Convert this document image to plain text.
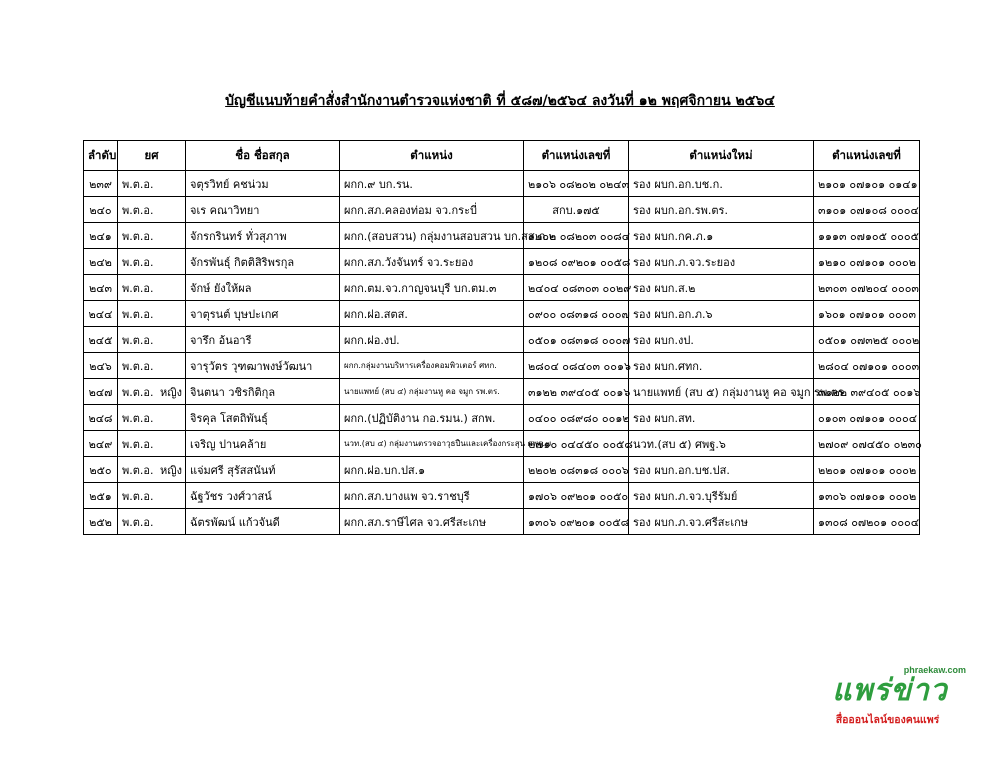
บัญชีแนบท้ายคำสั่งสำนักงานตำรวจแห่งชาติ ที่ ๕๘๗/๒๕๖๔ ลงวันที่ ๑๒ พฤศจิกายน ๒๕๖๔
ลำดับ	ยศ	ชื่อ ชื่อสกุล	ตำแหน่ง	ตำแหน่งเลขที่	ตำแหน่งใหม่	ตำแหน่งเลขที่
๒๓๙	พ.ต.อ.	จตุรวิทย์ คชน่วม	ผกก.๙ บก.รน.	๒๑๐๖ ๐๘๒๐๒ ๐๒๔๓	รอง ผบก.อก.บช.ก.	๒๑๐๑ ๐๗๑๐๑ ๐๑๔๑
๒๔๐	พ.ต.อ.	จเร คณาวิทยา	ผกก.สภ.คลองท่อม จว.กระบี่	สกบ.๑๗๕	รอง ผบก.อก.รพ.ตร.	๓๑๐๑ ๐๗๑๐๘ ๐๐๐๔
๒๔๑	พ.ต.อ.	จักรกรินทร์ ทั่วสุภาพ	ผกก.(สอบสวน) กลุ่มงานสอบสวน บก.สส.ภ.๒	๑๒๐๒ ๐๘๒๐๓ ๐๐๘๔	รอง ผบก.กค.ภ.๑	๑๑๑๓ ๐๗๑๐๕ ๐๐๐๕
๒๔๒	พ.ต.อ.	จักรพันธุ์ กิตติสิริพรกุล	ผกก.สภ.วังจันทร์ จว.ระยอง	๑๒๐๘ ๐๙๒๐๑ ๐๐๕๘	รอง ผบก.ภ.จว.ระยอง	๑๒๑๐ ๐๗๑๐๑ ๐๐๐๒
๒๔๓	พ.ต.อ.	จักษ์ ยังให้ผล	ผกก.ตม.จว.กาญจนบุรี บก.ตม.๓	๒๔๐๔ ๐๘๓๐๓ ๐๐๒๙	รอง ผบก.ส.๒	๒๓๐๓ ๐๗๒๐๔ ๐๐๐๓
๒๔๔	พ.ต.อ.	จาตุรนต์ บุษปะเกศ	ผกก.ฝอ.สตส.	๐๙๐๐ ๐๘๓๑๘ ๐๐๐๗	รอง ผบก.อก.ภ.๖	๑๖๐๑ ๐๗๑๐๑ ๐๐๐๓
๒๔๕	พ.ต.อ.	จารึก อ้นอารี	ผกก.ฝอ.งป.	๐๕๐๑ ๐๘๓๑๘ ๐๐๐๗	รอง ผบก.งป.	๐๕๐๑ ๐๗๓๒๕ ๐๐๐๒
๒๔๖	พ.ต.อ.	จารุวัตร วุฑฒาพงษ์วัฒนา	ผกก.กลุ่มงานบริหารเครื่องคอมพิวเตอร์ ศทก.	๒๘๐๔ ๐๘๔๐๓ ๐๐๑๖	รอง ผบก.ศทก.	๒๘๐๔ ๐๗๑๐๑ ๐๐๐๓
๒๔๗	พ.ต.อ. หญิง	จินตนา วชิรกิติกุล	นายแพทย์ (สบ ๔) กลุ่มงานหู คอ จมูก รพ.ตร.	๓๑๒๒ ๓๙๔๐๕ ๐๐๑๖	นายแพทย์ (สบ ๕) กลุ่มงานหู คอ จมูก รพ.ตร.	๓๑๒๒ ๓๙๔๐๕ ๐๐๑๖
๒๔๘	พ.ต.อ.	จิรคุล โสตถิพันธุ์	ผกก.(ปฏิบัติงาน กอ.รมน.) สกพ.	๐๔๐๐ ๐๘๙๘๐ ๐๐๑๒	รอง ผบก.สท.	๐๑๐๓ ๐๗๑๐๑ ๐๐๐๔
๒๔๙	พ.ต.อ.	เจริญ ปานคล้าย	นวท.(สบ ๔) กลุ่มงานตรวจอาวุธปืนและเครื่องกระสุน ศพฐ.๗	๒๗๑๐ ๐๔๔๕๐ ๐๐๕๘	นวท.(สบ ๕) ศพฐ.๖	๒๗๐๙ ๐๗๔๕๐ ๐๒๓๐
๒๕๐	พ.ต.อ. หญิง	แจ่มศรี สุรัสสนันท์	ผกก.ฝอ.บก.ปส.๑	๒๒๐๒ ๐๘๓๑๘ ๐๐๐๖	รอง ผบก.อก.บช.ปส.	๒๒๐๑ ๐๗๑๐๑ ๐๐๐๒
๒๕๑	พ.ต.อ.	ฉัฐวัชร วงศ์วาสน์	ผกก.สภ.บางแพ จว.ราชบุรี	๑๗๐๖ ๐๙๒๐๑ ๐๐๕๐	รอง ผบก.ภ.จว.บุรีรัมย์	๑๓๐๖ ๐๗๑๐๑ ๐๐๐๒
๒๕๒	พ.ต.อ.	ฉัตรพัฒน์ แก้วจันดี	ผกก.สภ.ราษีไศล จว.ศรีสะเกษ	๑๓๐๖ ๐๙๒๐๑ ๐๐๕๘	รอง ผบก.ภ.จว.ศรีสะเกษ	๑๓๐๘ ๐๗๒๐๑ ๐๐๐๔
phraekaw.com
แพร่ข่าว
สื่อออนไลน์ของคนแพร่
